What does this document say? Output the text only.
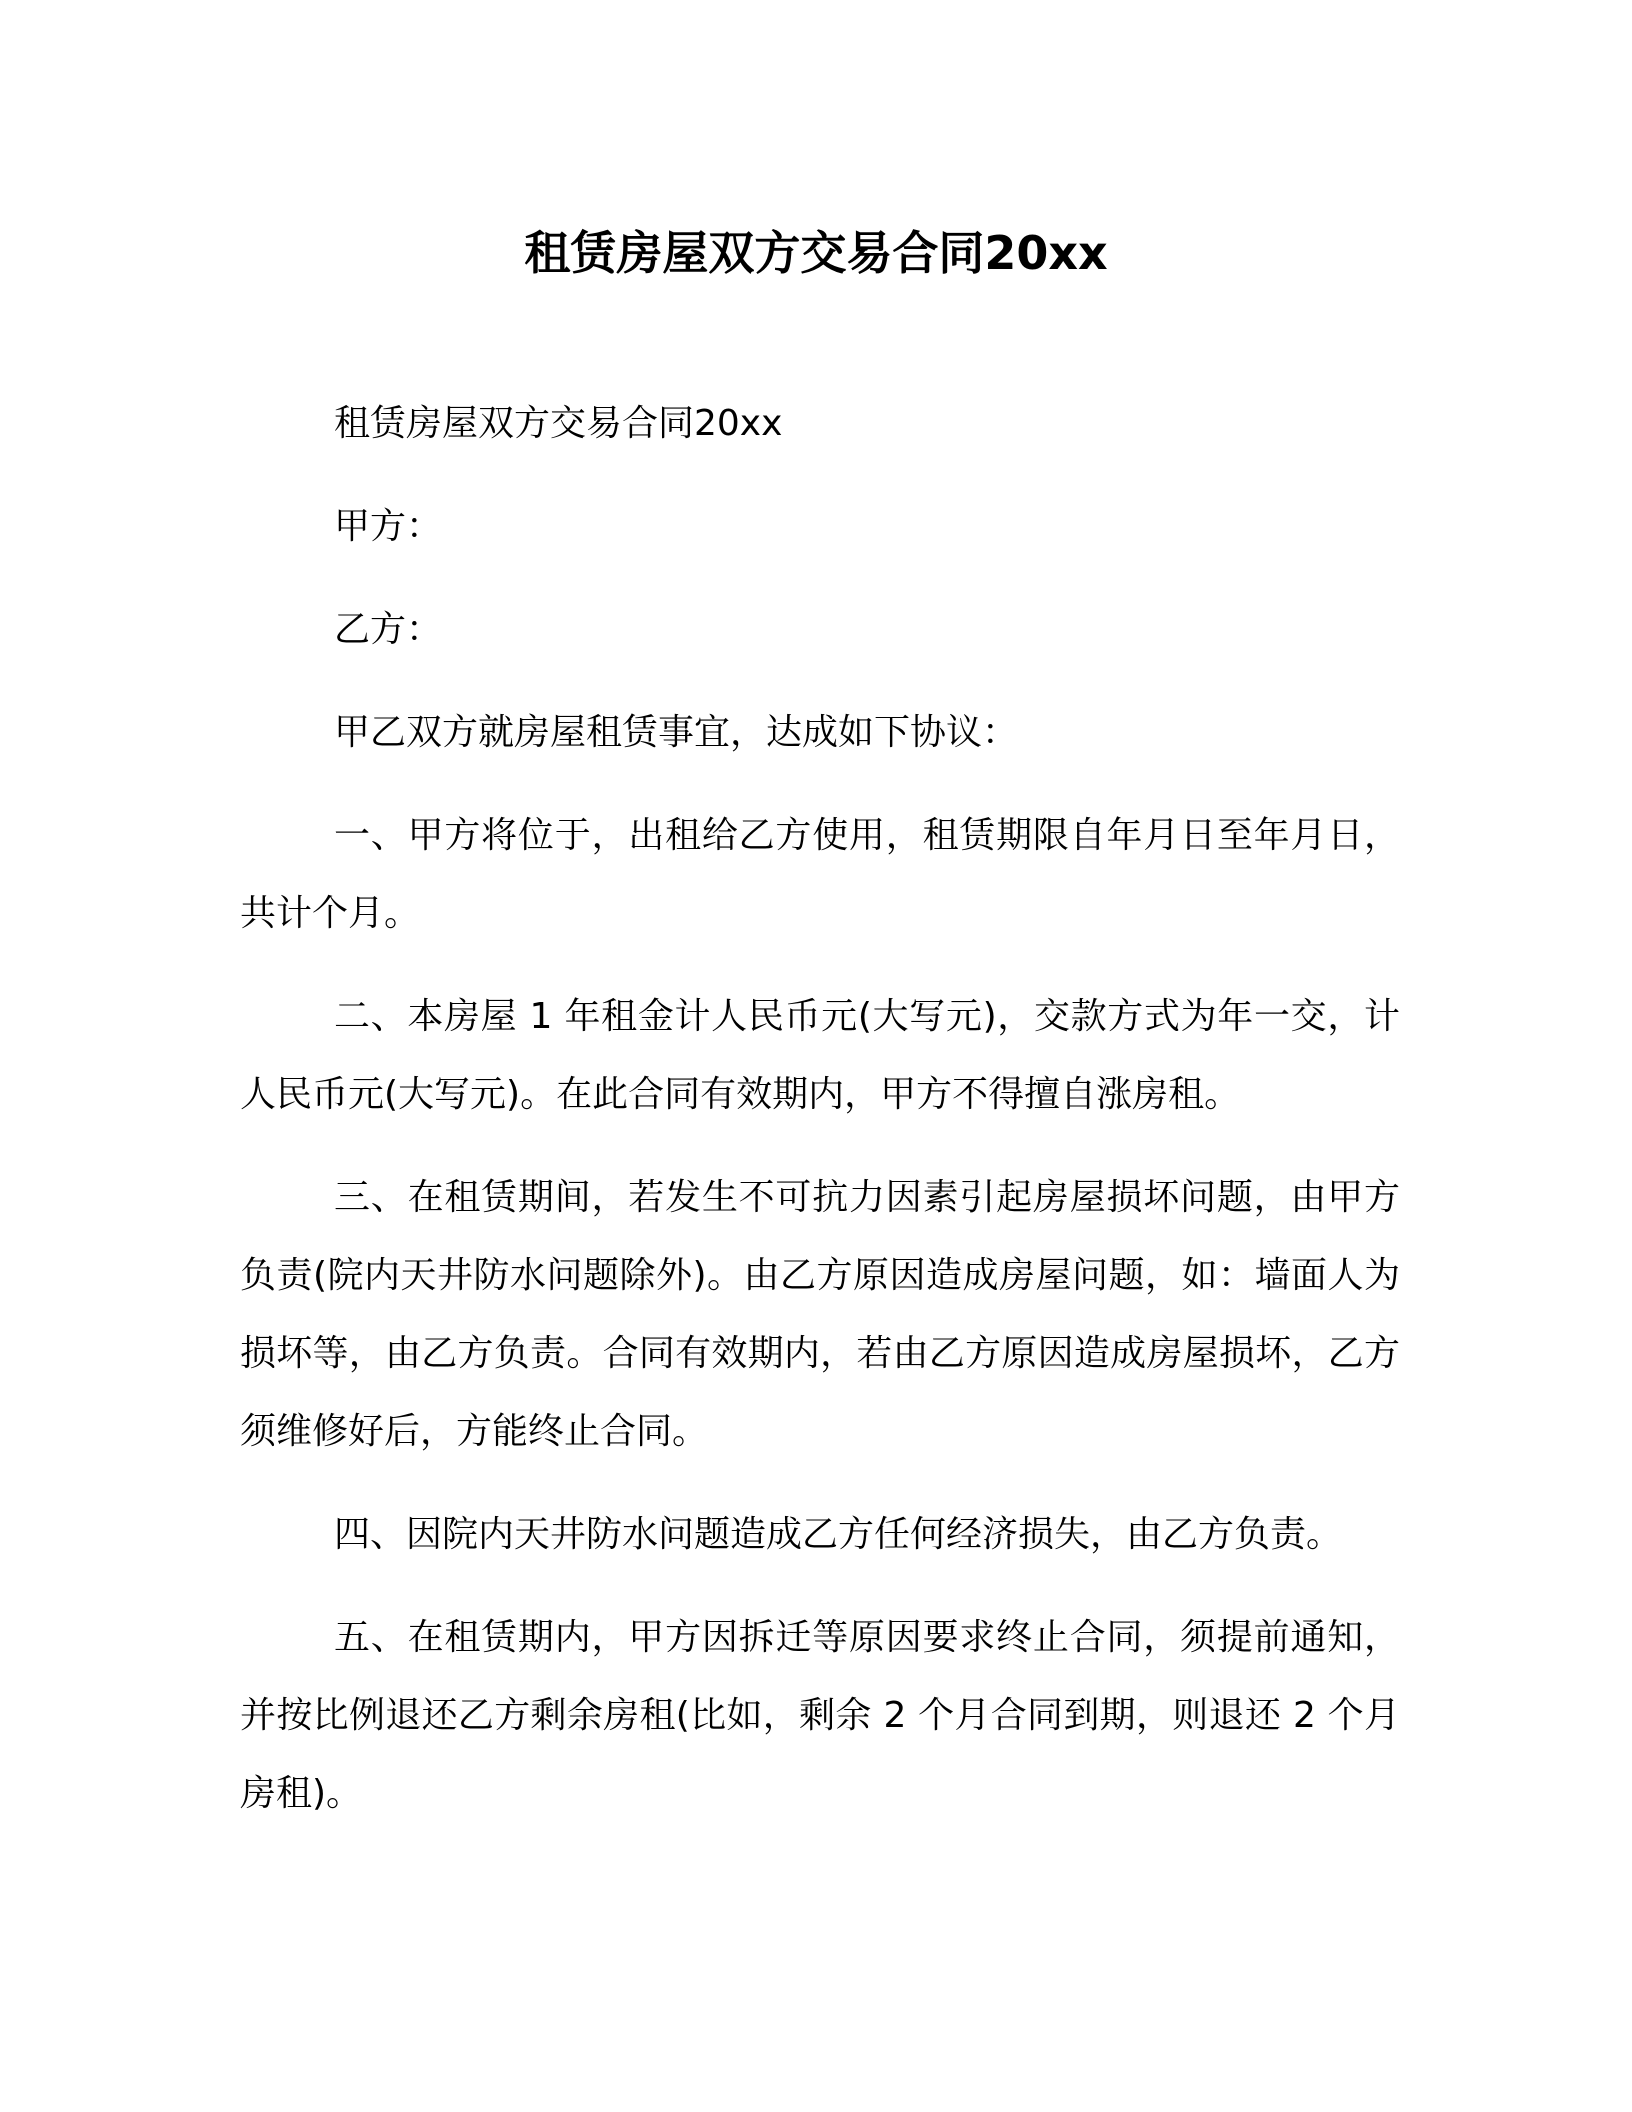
租赁房屋双方交易合同20xx

租赁房屋双方交易合同20xx

甲方：

乙方：

甲乙双方就房屋租赁事宜，达成如下协议：

一、甲方将位于，出租给乙方使用，租赁期限自年月日至年月日，共计个月。

二、本房屋 1 年租金计人民币元(大写元)，交款方式为年一交，计人民币元(大写元)。在此合同有效期内，甲方不得擅自涨房租。

三、在租赁期间，若发生不可抗力因素引起房屋损坏问题，由甲方负责(院内天井防水问题除外)。由乙方原因造成房屋问题，如：墙面人为损坏等，由乙方负责。合同有效期内，若由乙方原因造成房屋损坏，乙方须维修好后，方能终止合同。

四、因院内天井防水问题造成乙方任何经济损失，由乙方负责。

五、在租赁期内，甲方因拆迁等原因要求终止合同，须提前通知，并按比例退还乙方剩余房租(比如，剩余 2 个月合同到期，则退还 2 个月房租)。
